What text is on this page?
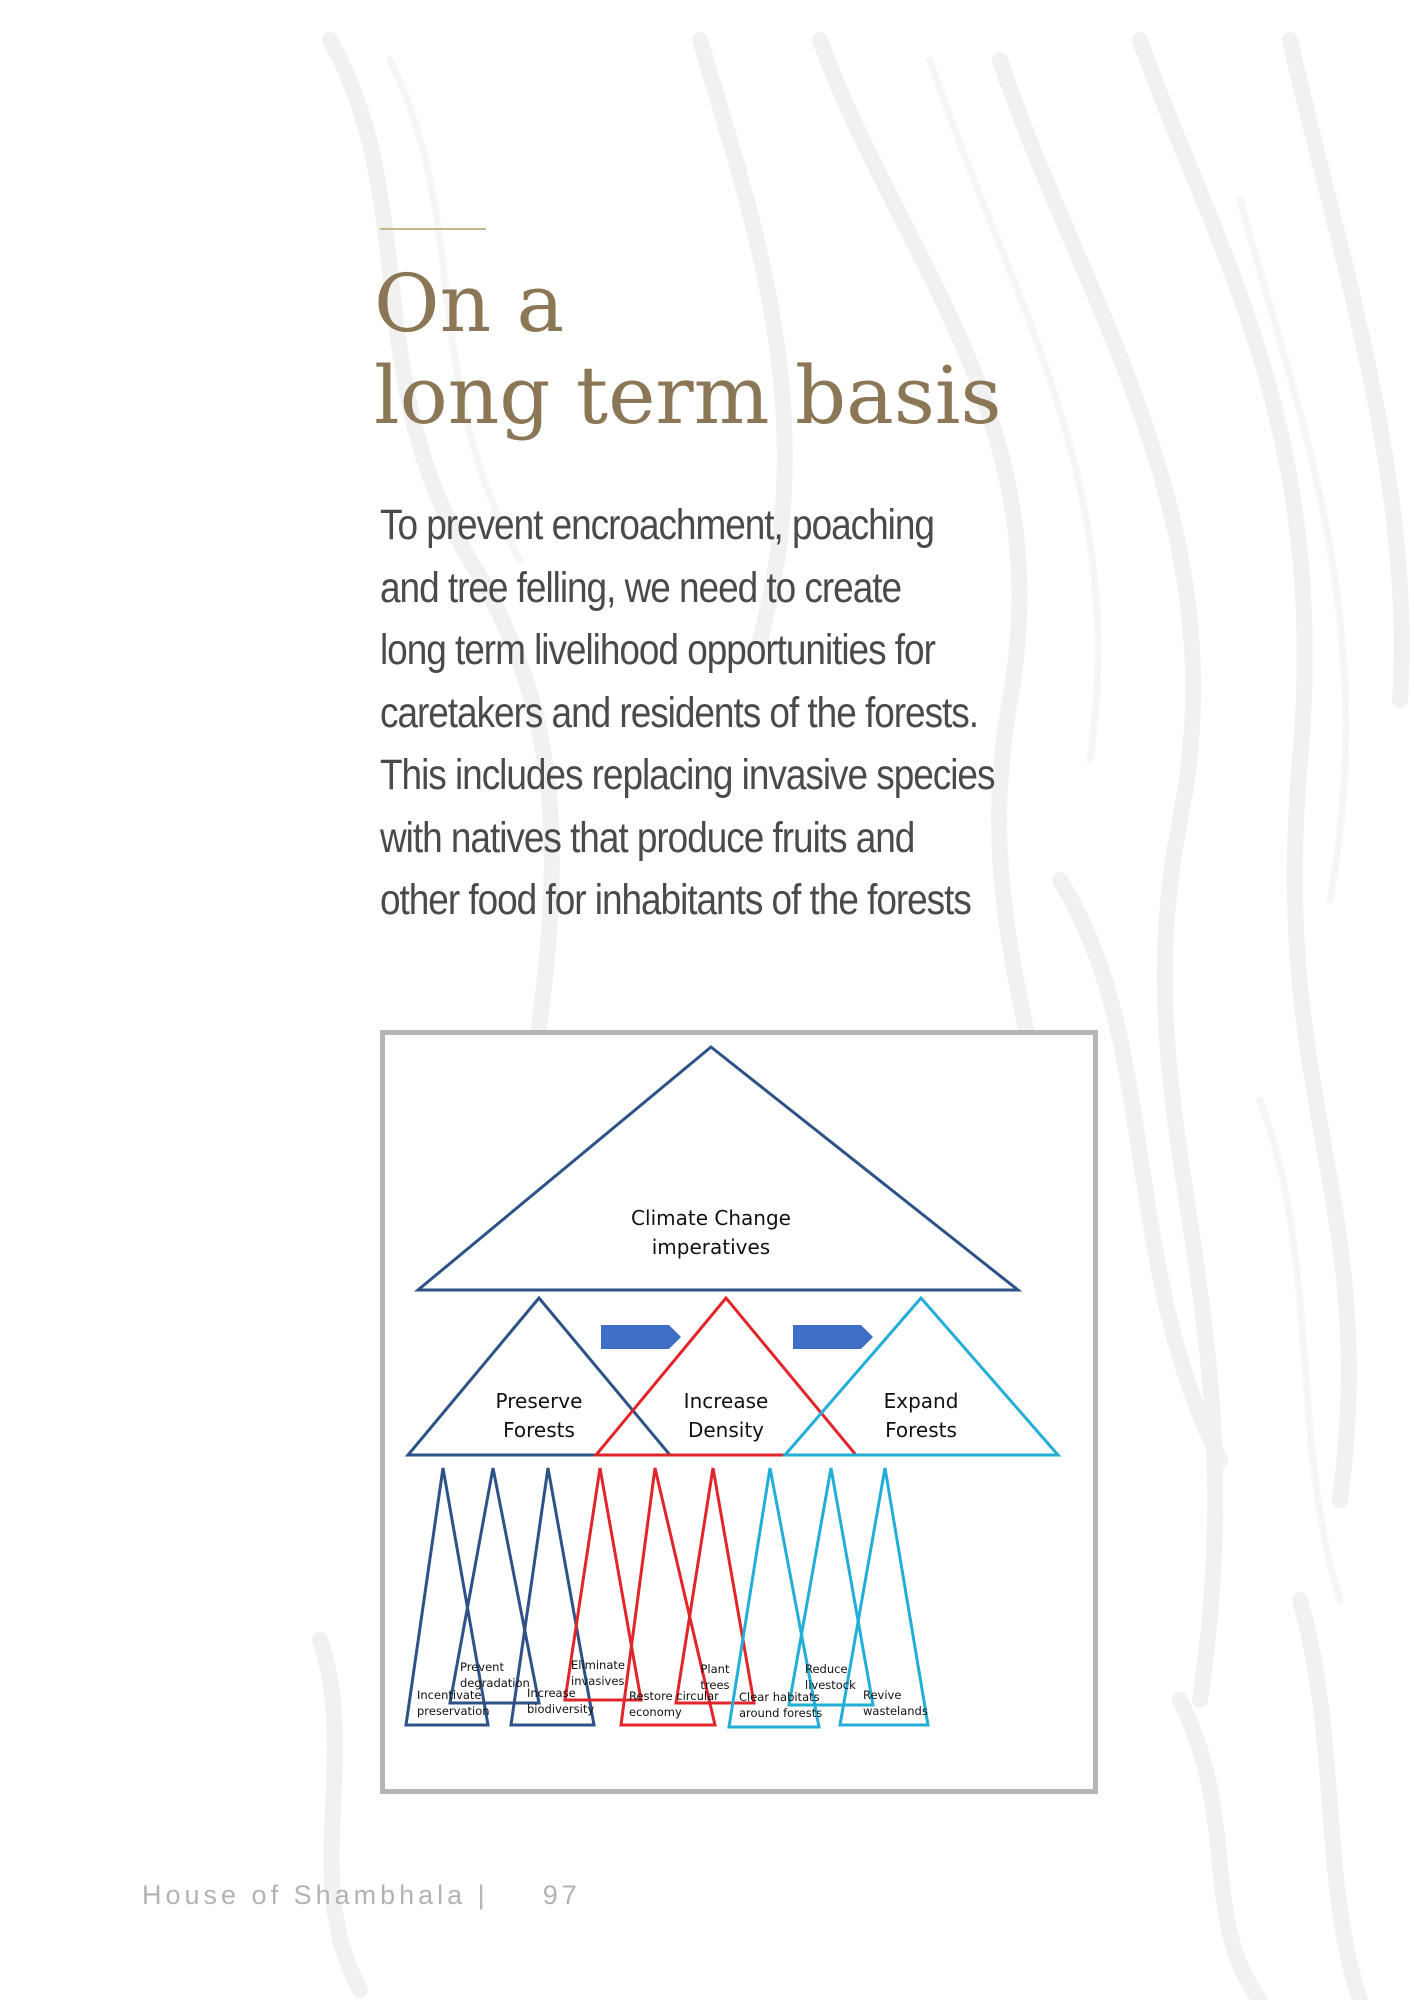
On a
long term basis

To prevent encroachment, poaching
and tree felling, we need to create
long term livelihood opportunities for
caretakers and residents of the forests.
This includes replacing invasive species
with natives that produce fruits and
other food for inhabitants of the forests

Climate Change
imperatives
Preserve
Forests
Increase
Density
Expand
Forests
Incentivate
preservation
Prevent
degradation
Increase
biodiversity
Eliminate
invasives
Restore circular
economy
Plant
trees
Clear habitats
around forests
Reduce
livestock
Revive
wastelands
House of Shambhala | 97
